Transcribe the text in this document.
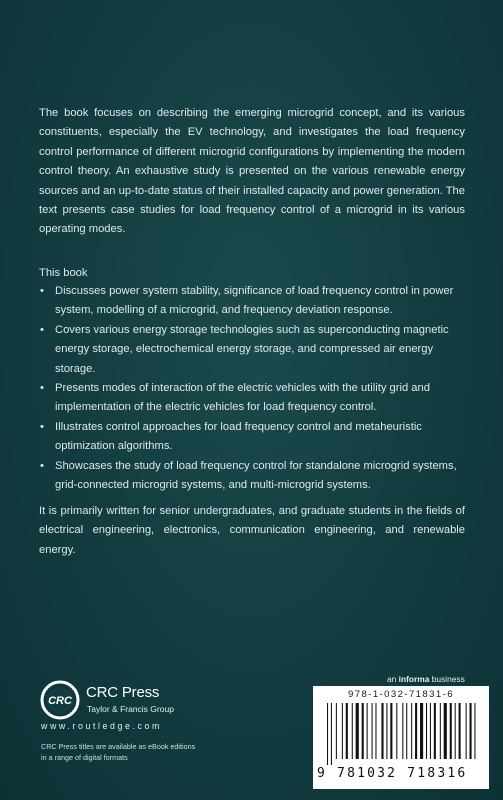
The book focuses on describing the emerging microgrid concept, and its various constituents, especially the EV technology, and investigates the load frequency control performance of different microgrid configurations by implementing the modern control theory. An exhaustive study is presented on the various renewable energy sources and an up-to-date status of their installed capacity and power generation. The text presents case studies for load frequency control of a microgrid in its various operating modes.
This book
• Discusses power system stability, significance of load frequency control in power system, modelling of a microgrid, and frequency deviation response.
• Covers various energy storage technologies such as superconducting magnetic energy storage, electrochemical energy storage, and compressed air energy storage.
• Presents modes of interaction of the electric vehicles with the utility grid and implementation of the electric vehicles for load frequency control.
• Illustrates control approaches for load frequency control and metaheuristic optimization algorithms.
• Showcases the study of load frequency control for standalone microgrid systems, grid-connected microgrid systems, and multi-microgrid systems.
It is primarily written for senior undergraduates, and graduate students in the fields of electrical engineering, electronics, communication engineering, and renewable energy.
CRC CRC Press
Taylor & Francis Group
www.routledge.com
CRC Press titles are available as eBook editions
in a range of digital formats
an informa business
978-1-032-71831-6
9 781032 718316
